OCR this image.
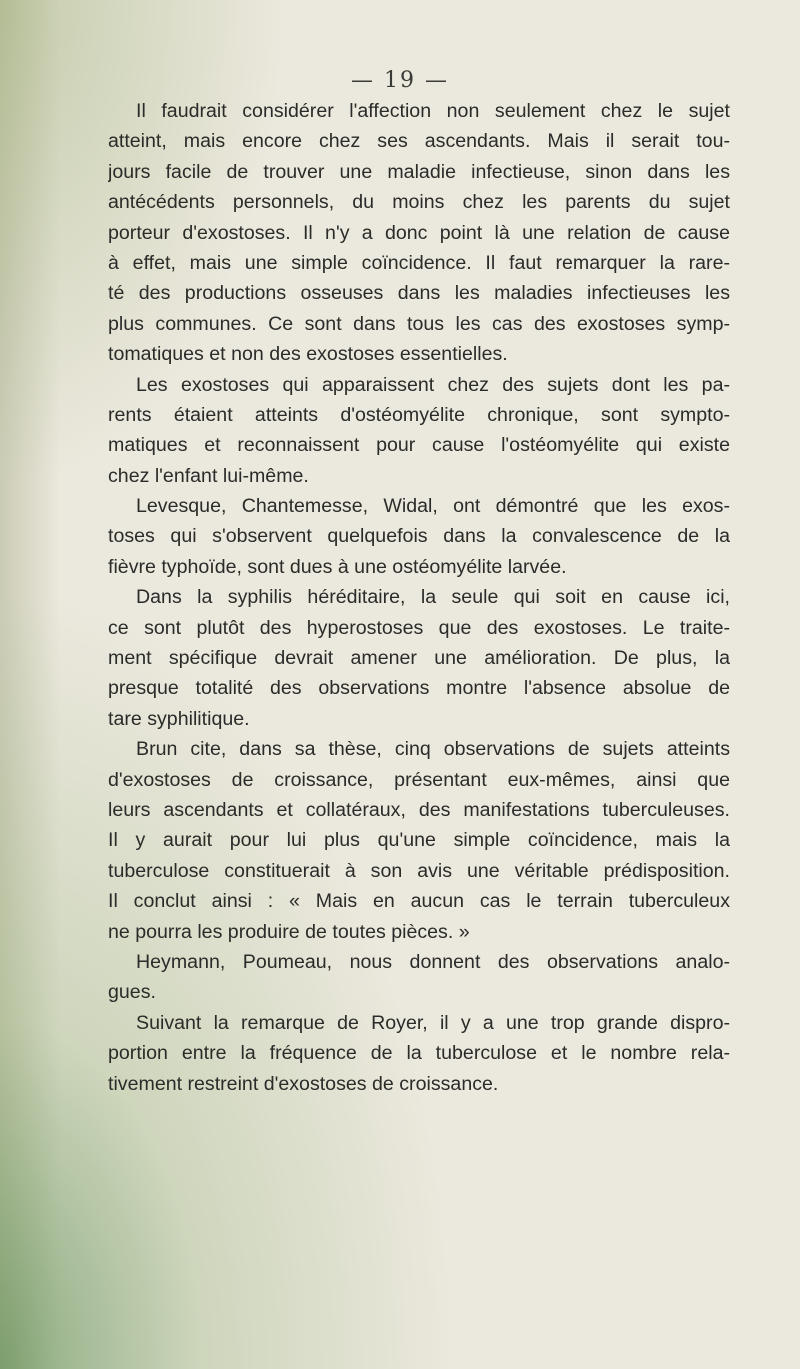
— 19 —
Il faudrait considérer l'affection non seulement chez le sujet
atteint, mais encore chez ses ascendants. Mais il serait tou-
jours facile de trouver une maladie infectieuse, sinon dans les
antécédents personnels, du moins chez les parents du sujet
porteur d'exostoses. Il n'y a donc point là une relation de cause
à effet, mais une simple coïncidence. Il faut remarquer la rare-
té des productions osseuses dans les maladies infectieuses les
plus communes. Ce sont dans tous les cas des exostoses symp-
tomatiques et non des exostoses essentielles.
Les exostoses qui apparaissent chez des sujets dont les pa-
rents étaient atteints d'ostéomyélite chronique, sont sympto-
matiques et reconnaissent pour cause l'ostéomyélite qui existe
chez l'enfant lui-même.
Levesque, Chantemesse, Widal, ont démontré que les exos-
toses qui s'observent quelquefois dans la convalescence de la
fièvre typhoïde, sont dues à une ostéomyélite larvée.
Dans la syphilis héréditaire, la seule qui soit en cause ici,
ce sont plutôt des hyperostoses que des exostoses. Le traite-
ment spécifique devrait amener une amélioration. De plus, la
presque totalité des observations montre l'absence absolue de
tare syphilitique.
Brun cite, dans sa thèse, cinq observations de sujets atteints
d'exostoses de croissance, présentant eux-mêmes, ainsi que
leurs ascendants et collatéraux, des manifestations tuberculeuses.
Il y aurait pour lui plus qu'une simple coïncidence, mais la
tuberculose constituerait à son avis une véritable prédisposition.
Il conclut ainsi : « Mais en aucun cas le terrain tuberculeux
ne pourra les produire de toutes pièces. »
Heymann, Poumeau, nous donnent des observations analo-
gues.
Suivant la remarque de Royer, il y a une trop grande dispro-
portion entre la fréquence de la tuberculose et le nombre rela-
tivement restreint d'exostoses de croissance.
